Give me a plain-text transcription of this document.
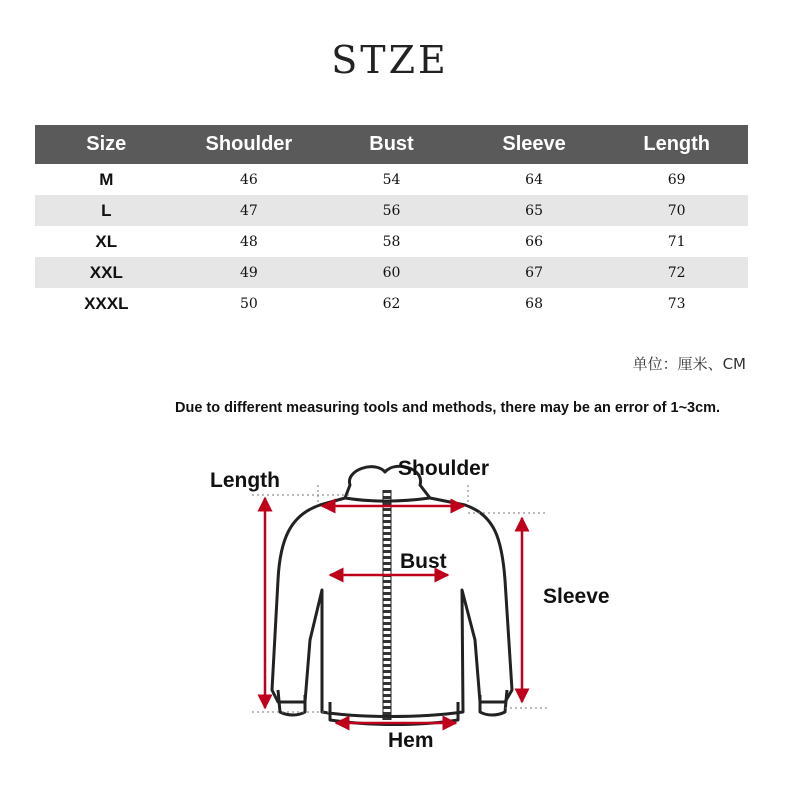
STZE
Size	Shoulder	Bust	Sleeve	Length
M	46	54	64	69
L	47	56	65	70
XL	48	58	66	71
XXL	49	60	67	72
XXXL	50	62	68	73
单位：厘米、CM
Due to different measuring tools and methods, there may be an error of 1~3cm.
Length
Shoulder
Bust
Sleeve
Hem
